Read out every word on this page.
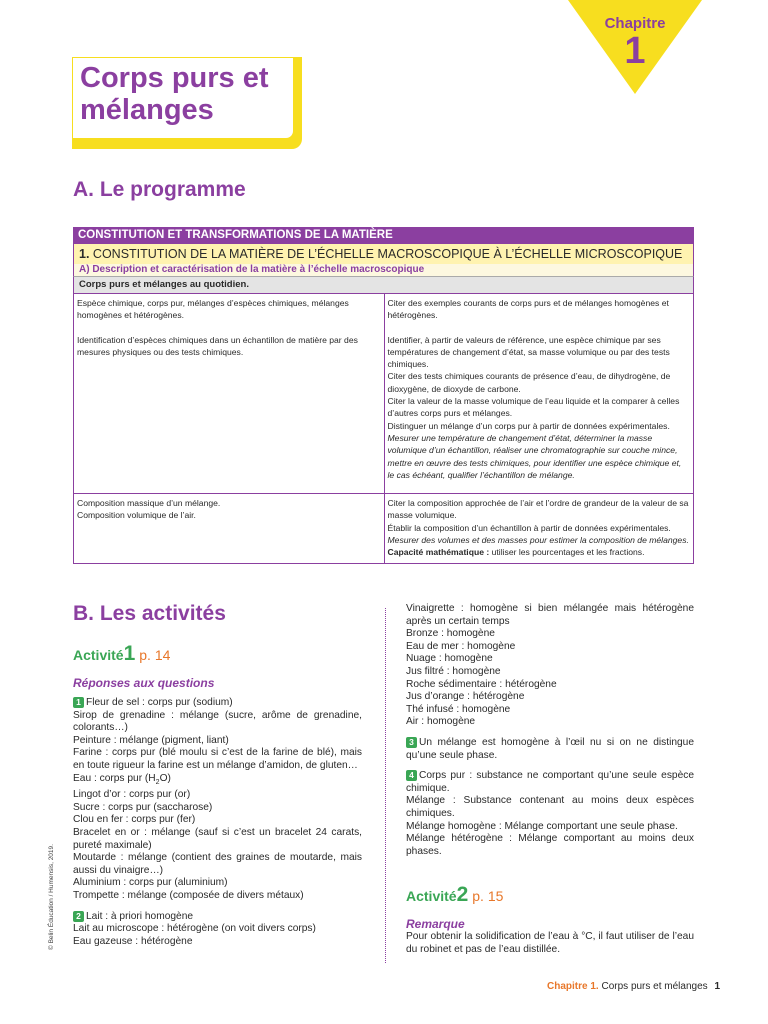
Chapitre
1
Corps purs et mélanges
A. Le programme
CONSTITUTION ET TRANSFORMATIONS DE LA MATIÈRE
1. CONSTITUTION DE LA MATIÈRE DE L’ÉCHELLE MACROSCOPIQUE À L’ÉCHELLE MICROSCOPIQUE
A) Description et caractérisation de la matière à l’échelle macroscopique
Corps purs et mélanges au quotidien.
Espèce chimique, corps pur, mélanges d’espèces chimiques, mélanges homogènes et hétérogènes.
Identification d’espèces chimiques dans un échantillon de matière par des mesures physiques ou des tests chimiques.
Citer des exemples courants de corps purs et de mélanges homogènes et hétérogènes.
Identifier, à partir de valeurs de référence, une espèce chimique par ses températures de changement d’état, sa masse volumique ou par des tests chimiques.
Citer des tests chimiques courants de présence d’eau, de dihydrogène, de dioxygène, de dioxyde de carbone.
Citer la valeur de la masse volumique de l’eau liquide et la comparer à celles d’autres corps purs et mélanges.
Distinguer un mélange d’un corps pur à partir de données expérimentales.
Mesurer une température de changement d’état, déterminer la masse volumique d’un échantillon, réaliser une chromatographie sur couche mince, mettre en œuvre des tests chimiques, pour identifier une espèce chimique et, le cas échéant, qualifier l’échantillon de mélange.
Composition massique d’un mélange.
Composition volumique de l’air.
Citer la composition approchée de l’air et l’ordre de grandeur de la valeur de sa masse volumique.
Établir la composition d’un échantillon à partir de données expérimentales.
Mesurer des volumes et des masses pour estimer la composition de mélanges.
Capacité mathématique : utiliser les pourcentages et les fractions.
B. Les activités
Activité1 p. 14
Réponses aux questions

1 Fleur de sel : corps pur (sodium)

Sirop de grenadine : mélange (sucre, arôme de grenadine, colorants…)

Peinture : mélange (pigment, liant)

Farine : corps pur (blé moulu si c’est de la farine de blé), mais en toute rigueur la farine est un mélange d’amidon, de gluten…

Eau : corps pur $(H_2O)$

Lingot d’or : corps pur (or)

Sucre : corps pur (saccharose)

Clou en fer : corps pur (fer)

Bracelet en or : mélange (sauf si c’est un bracelet 24 carats, pureté maximale)

Moutarde : mélange (contient des graines de moutarde, mais aussi du vinaigre…)

Aluminium : corps pur (aluminium)

Trompette : mélange (composée de divers métaux)

2 Lait : à priori homogène

Lait au microscope : hétérogène (on voit divers corps)

Eau gazeuse : hétérogène

Vinaigrette : homogène si bien mélangée mais hétérogène après un certain temps

Bronze : homogène

Eau de mer : homogène

Nuage : homogène

Jus filtré : homogène

Roche sédimentaire : hétérogène

Jus d’orange : hétérogène

Thé infusé : homogène

Air : homogène

3 Un mélange est homogène à l’œil nu si on ne distingue qu’une seule phase.

4 Corps pur : substance ne comportant qu’une seule espèce chimique.

Mélange : Substance contenant au moins deux espèces chimiques.

Mélange homogène : Mélange comportant une seule phase.

Mélange hétérogène : Mélange comportant au moins deux phases.

Activité2 p. 15
Remarque
Pour obtenir la solidification de l’eau à °C, il faut utiliser de l’eau du robinet et pas de l’eau distillée.
© Belin Éducation / Humensis, 2019.
Chapitre 1. Corps purs et mélanges 1
